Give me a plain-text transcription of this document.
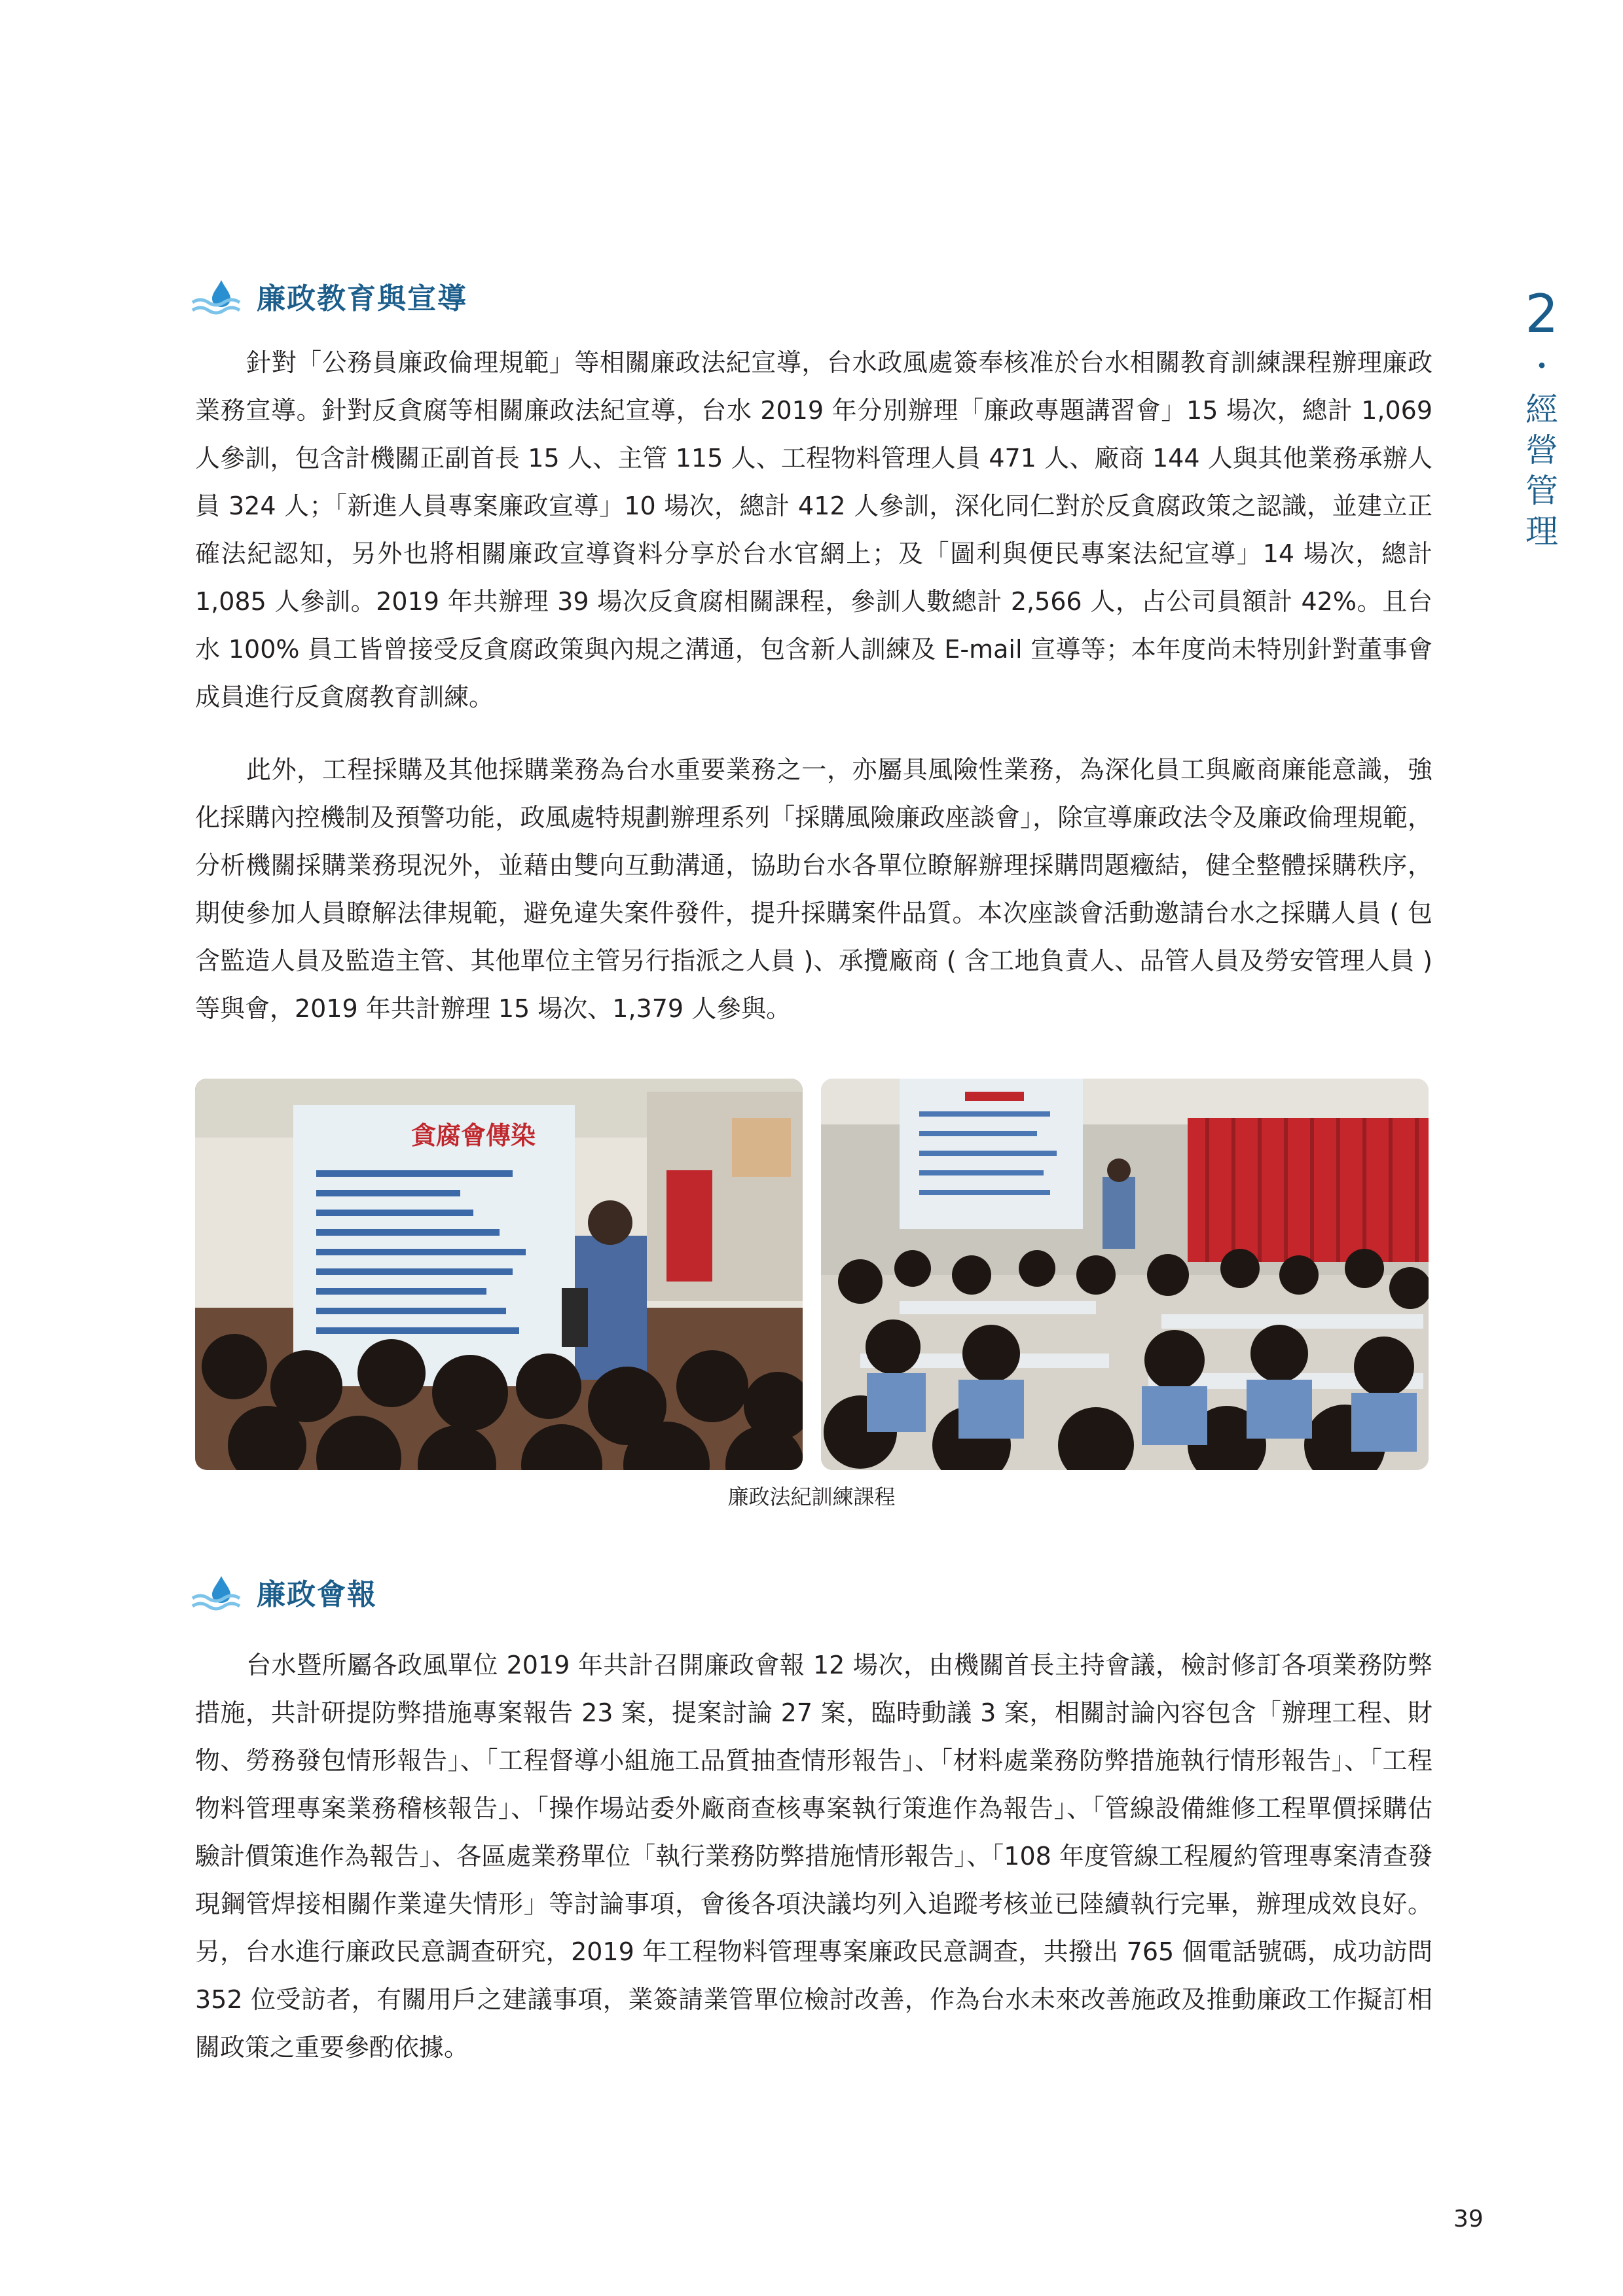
2
・
經
營
管
理
廉政教育與宣導

針對「公務員廉政倫理規範」等相關廉政法紀宣導，台水政風處簽奉核准於台水相關教育訓練課程辦理廉政業務宣導。針對反貪腐等相關廉政法紀宣導，台水 2019 年分別辦理「廉政專題講習會」15 場次，總計 1,069 人參訓，包含計機關正副首長 15 人、主管 115 人、工程物料管理人員 471 人、廠商 144 人與其他業務承辦人員 324 人；「新進人員專案廉政宣導」10 場次，總計 412 人參訓，深化同仁對於反貪腐政策之認識，並建立正確法紀認知，另外也將相關廉政宣導資料分享於台水官網上；及「圖利與便民專案法紀宣導」14 場次，總計 1,085 人參訓。2019 年共辦理 39 場次反貪腐相關課程，參訓人數總計 2,566 人，占公司員額計 42%。且台水 100% 員工皆曾接受反貪腐政策與內規之溝通，包含新人訓練及 E-mail 宣導等；本年度尚未特別針對董事會成員進行反貪腐教育訓練。

此外，工程採購及其他採購業務為台水重要業務之一，亦屬具風險性業務，為深化員工與廠商廉能意識，強化採購內控機制及預警功能，政風處特規劃辦理系列「採購風險廉政座談會」，除宣導廉政法令及廉政倫理規範，分析機關採購業務現況外，並藉由雙向互動溝通，協助台水各單位瞭解辦理採購問題癥結，健全整體採購秩序，期使參加人員瞭解法律規範，避免違失案件發件，提升採購案件品質。本次座談會活動邀請台水之採購人員 ( 包含監造人員及監造主管、其他單位主管另行指派之人員 )、承攬廠商 ( 含工地負責人、品管人員及勞安管理人員 ) 等與會，2019 年共計辦理 15 場次、1,379 人參與。

貪腐會傳染
廉政法紀訓練課程
廉政會報

台水暨所屬各政風單位 2019 年共計召開廉政會報 12 場次，由機關首長主持會議，檢討修訂各項業務防弊措施，共計研提防弊措施專案報告 23 案，提案討論 27 案，臨時動議 3 案，相關討論內容包含「辦理工程、財物、勞務發包情形報告」、「工程督導小組施工品質抽查情形報告」、「材料處業務防弊措施執行情形報告」、「工程物料管理專案業務稽核報告」、「操作場站委外廠商查核專案執行策進作為報告」、「管線設備維修工程單價採購估驗計價策進作為報告」、各區處業務單位「執行業務防弊措施情形報告」、「108 年度管線工程履約管理專案清查發現鋼管焊接相關作業違失情形」等討論事項，會後各項決議均列入追蹤考核並已陸續執行完畢，辦理成效良好。另，台水進行廉政民意調查研究，2019 年工程物料管理專案廉政民意調查，共撥出 765 個電話號碼，成功訪問 352 位受訪者，有關用戶之建議事項，業簽請業管單位檢討改善，作為台水未來改善施政及推動廉政工作擬訂相關政策之重要參酌依據。

39
